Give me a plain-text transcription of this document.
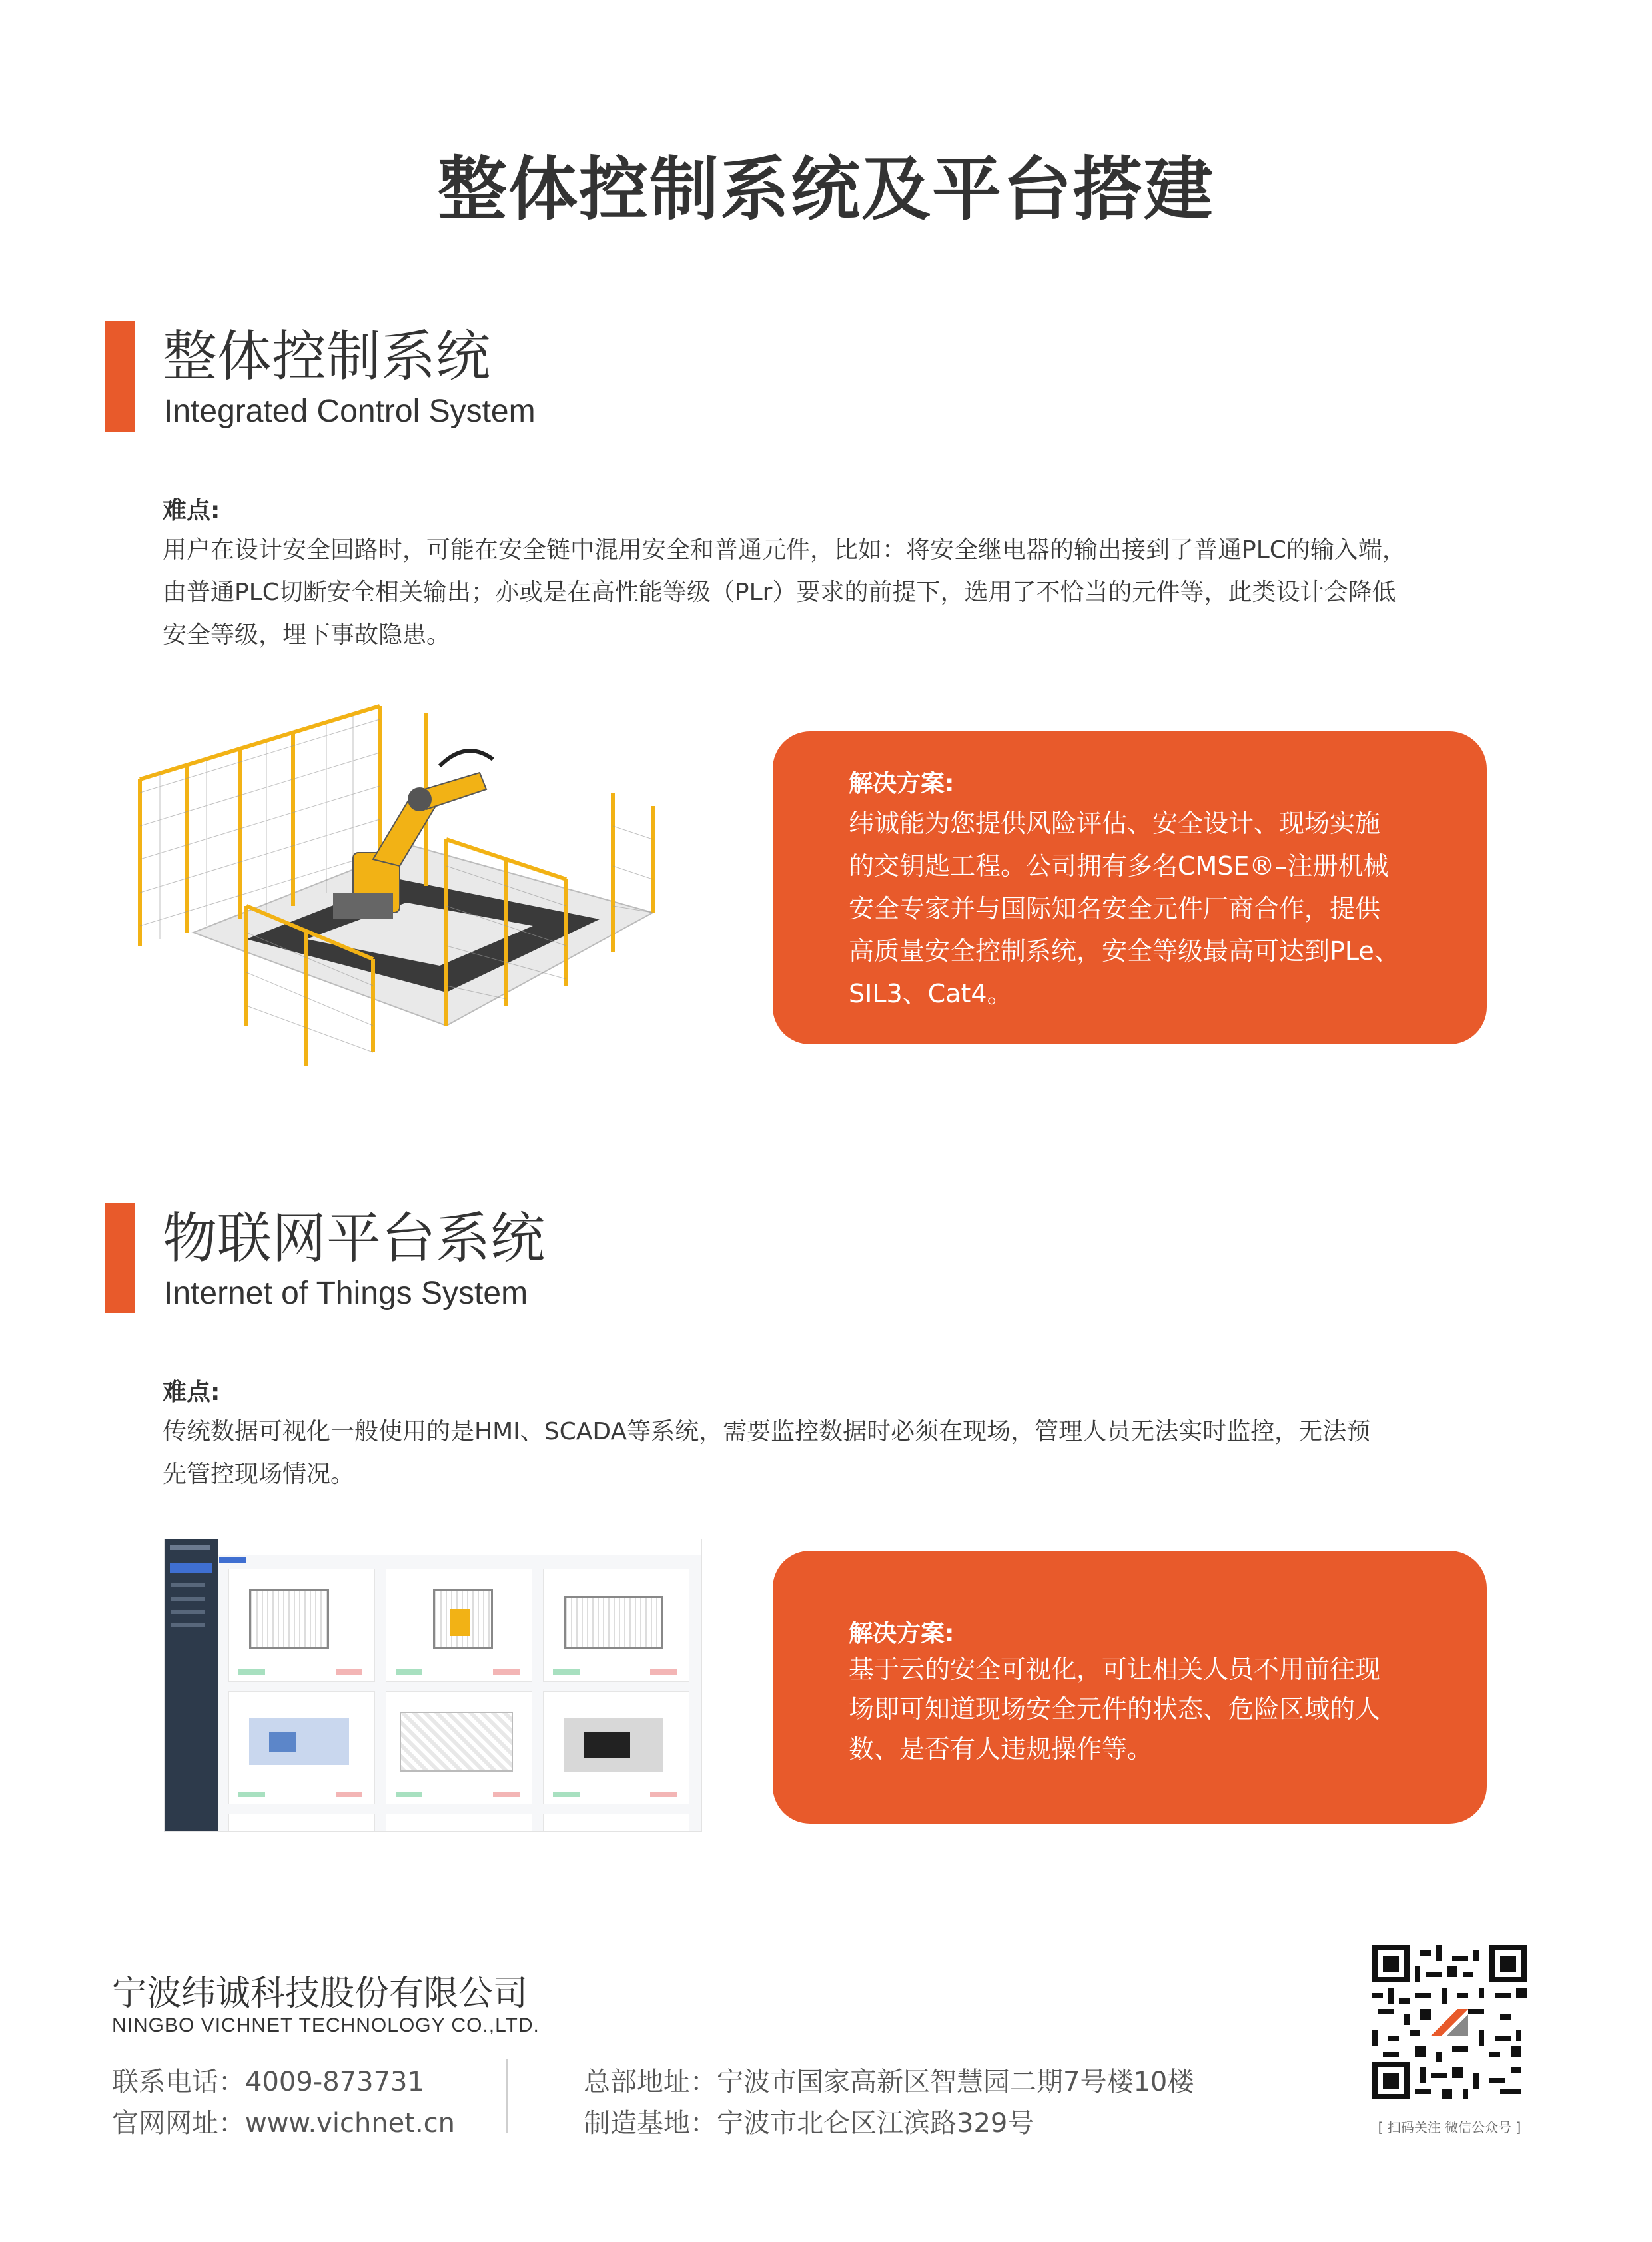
整体控制系统及平台搭建
整体控制系统
Integrated Control System
难点:
用户在设计安全回路时，可能在安全链中混用安全和普通元件，比如：将安全继电器的输出接到了普通PLC的输入端，
由普通PLC切断安全相关输出；亦或是在高性能等级（PLr）要求的前提下，选用了不恰当的元件等，此类设计会降低
安全等级，埋下事故隐患。
解决方案:
纬诚能为您提供风险评估、安全设计、现场实施
的交钥匙工程。公司拥有多名CMSE®–注册机械
安全专家并与国际知名安全元件厂商合作，提供
高质量安全控制系统，安全等级最高可达到PLe、
SIL3、Cat4。
物联网平台系统
Internet of Things System
难点:
传统数据可视化一般使用的是HMI、SCADA等系统，需要监控数据时必须在现场，管理人员无法实时监控，无法预
先管控现场情况。
解决方案:
基于云的安全可视化，可让相关人员不用前往现
场即可知道现场安全元件的状态、危险区域的人
数、是否有人违规操作等。
宁波纬诚科技股份有限公司
NINGBO VICHNET TECHNOLOGY CO.,LTD.
联系电话：4009-873731
官网网址：www.vichnet.cn
总部地址：宁波市国家高新区智慧园二期7号楼10楼
制造基地：宁波市北仑区江滨路329号	[ 扫码关注 微信公众号 ]
